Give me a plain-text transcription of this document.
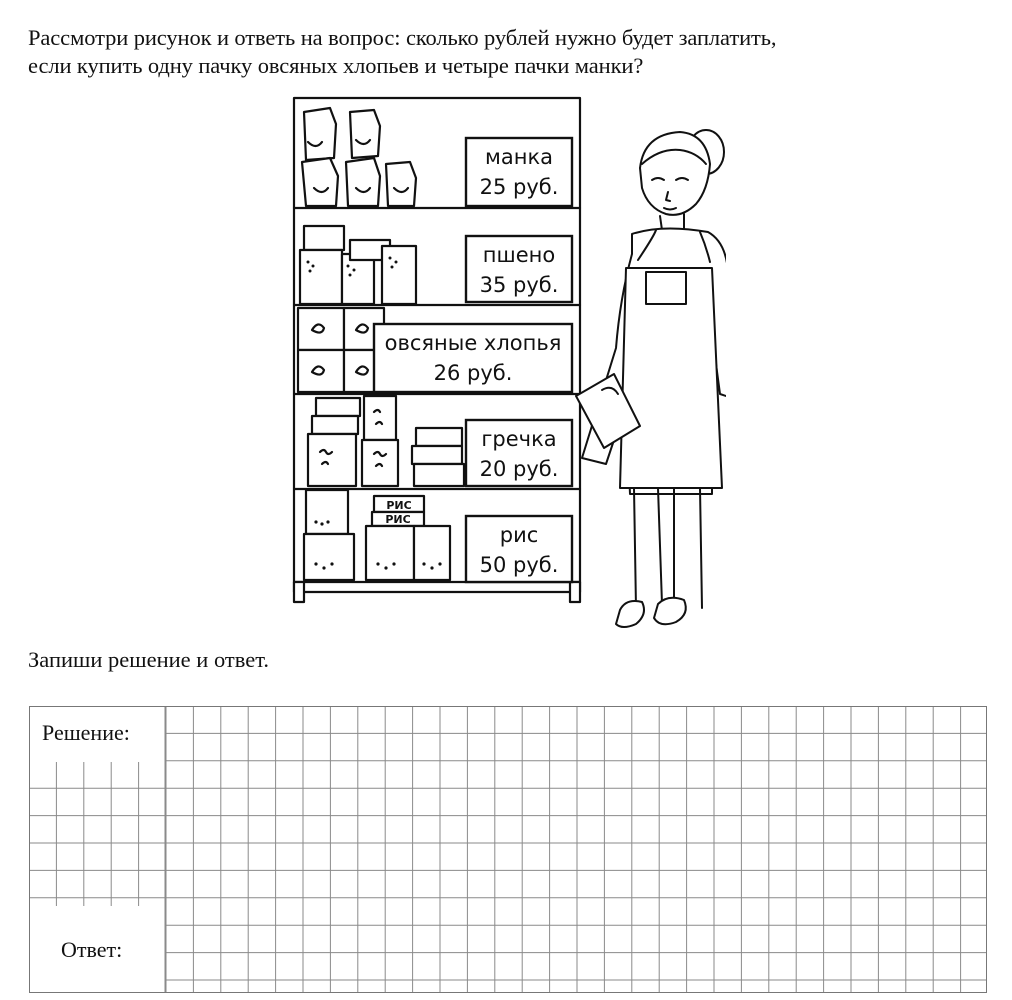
Рассмотри рисунок и ответь на вопрос: сколько рублей нужно будет заплатить,
если купить одну пачку овсяных хлопьев и четыре пачки манки?
РИС
РИС
манка
25 руб.
пшено
35 руб.
овсяные хлопья
26 руб.
гречка
20 руб.
рис
50 руб.
Запиши решение и ответ.
Решение:
Ответ:
